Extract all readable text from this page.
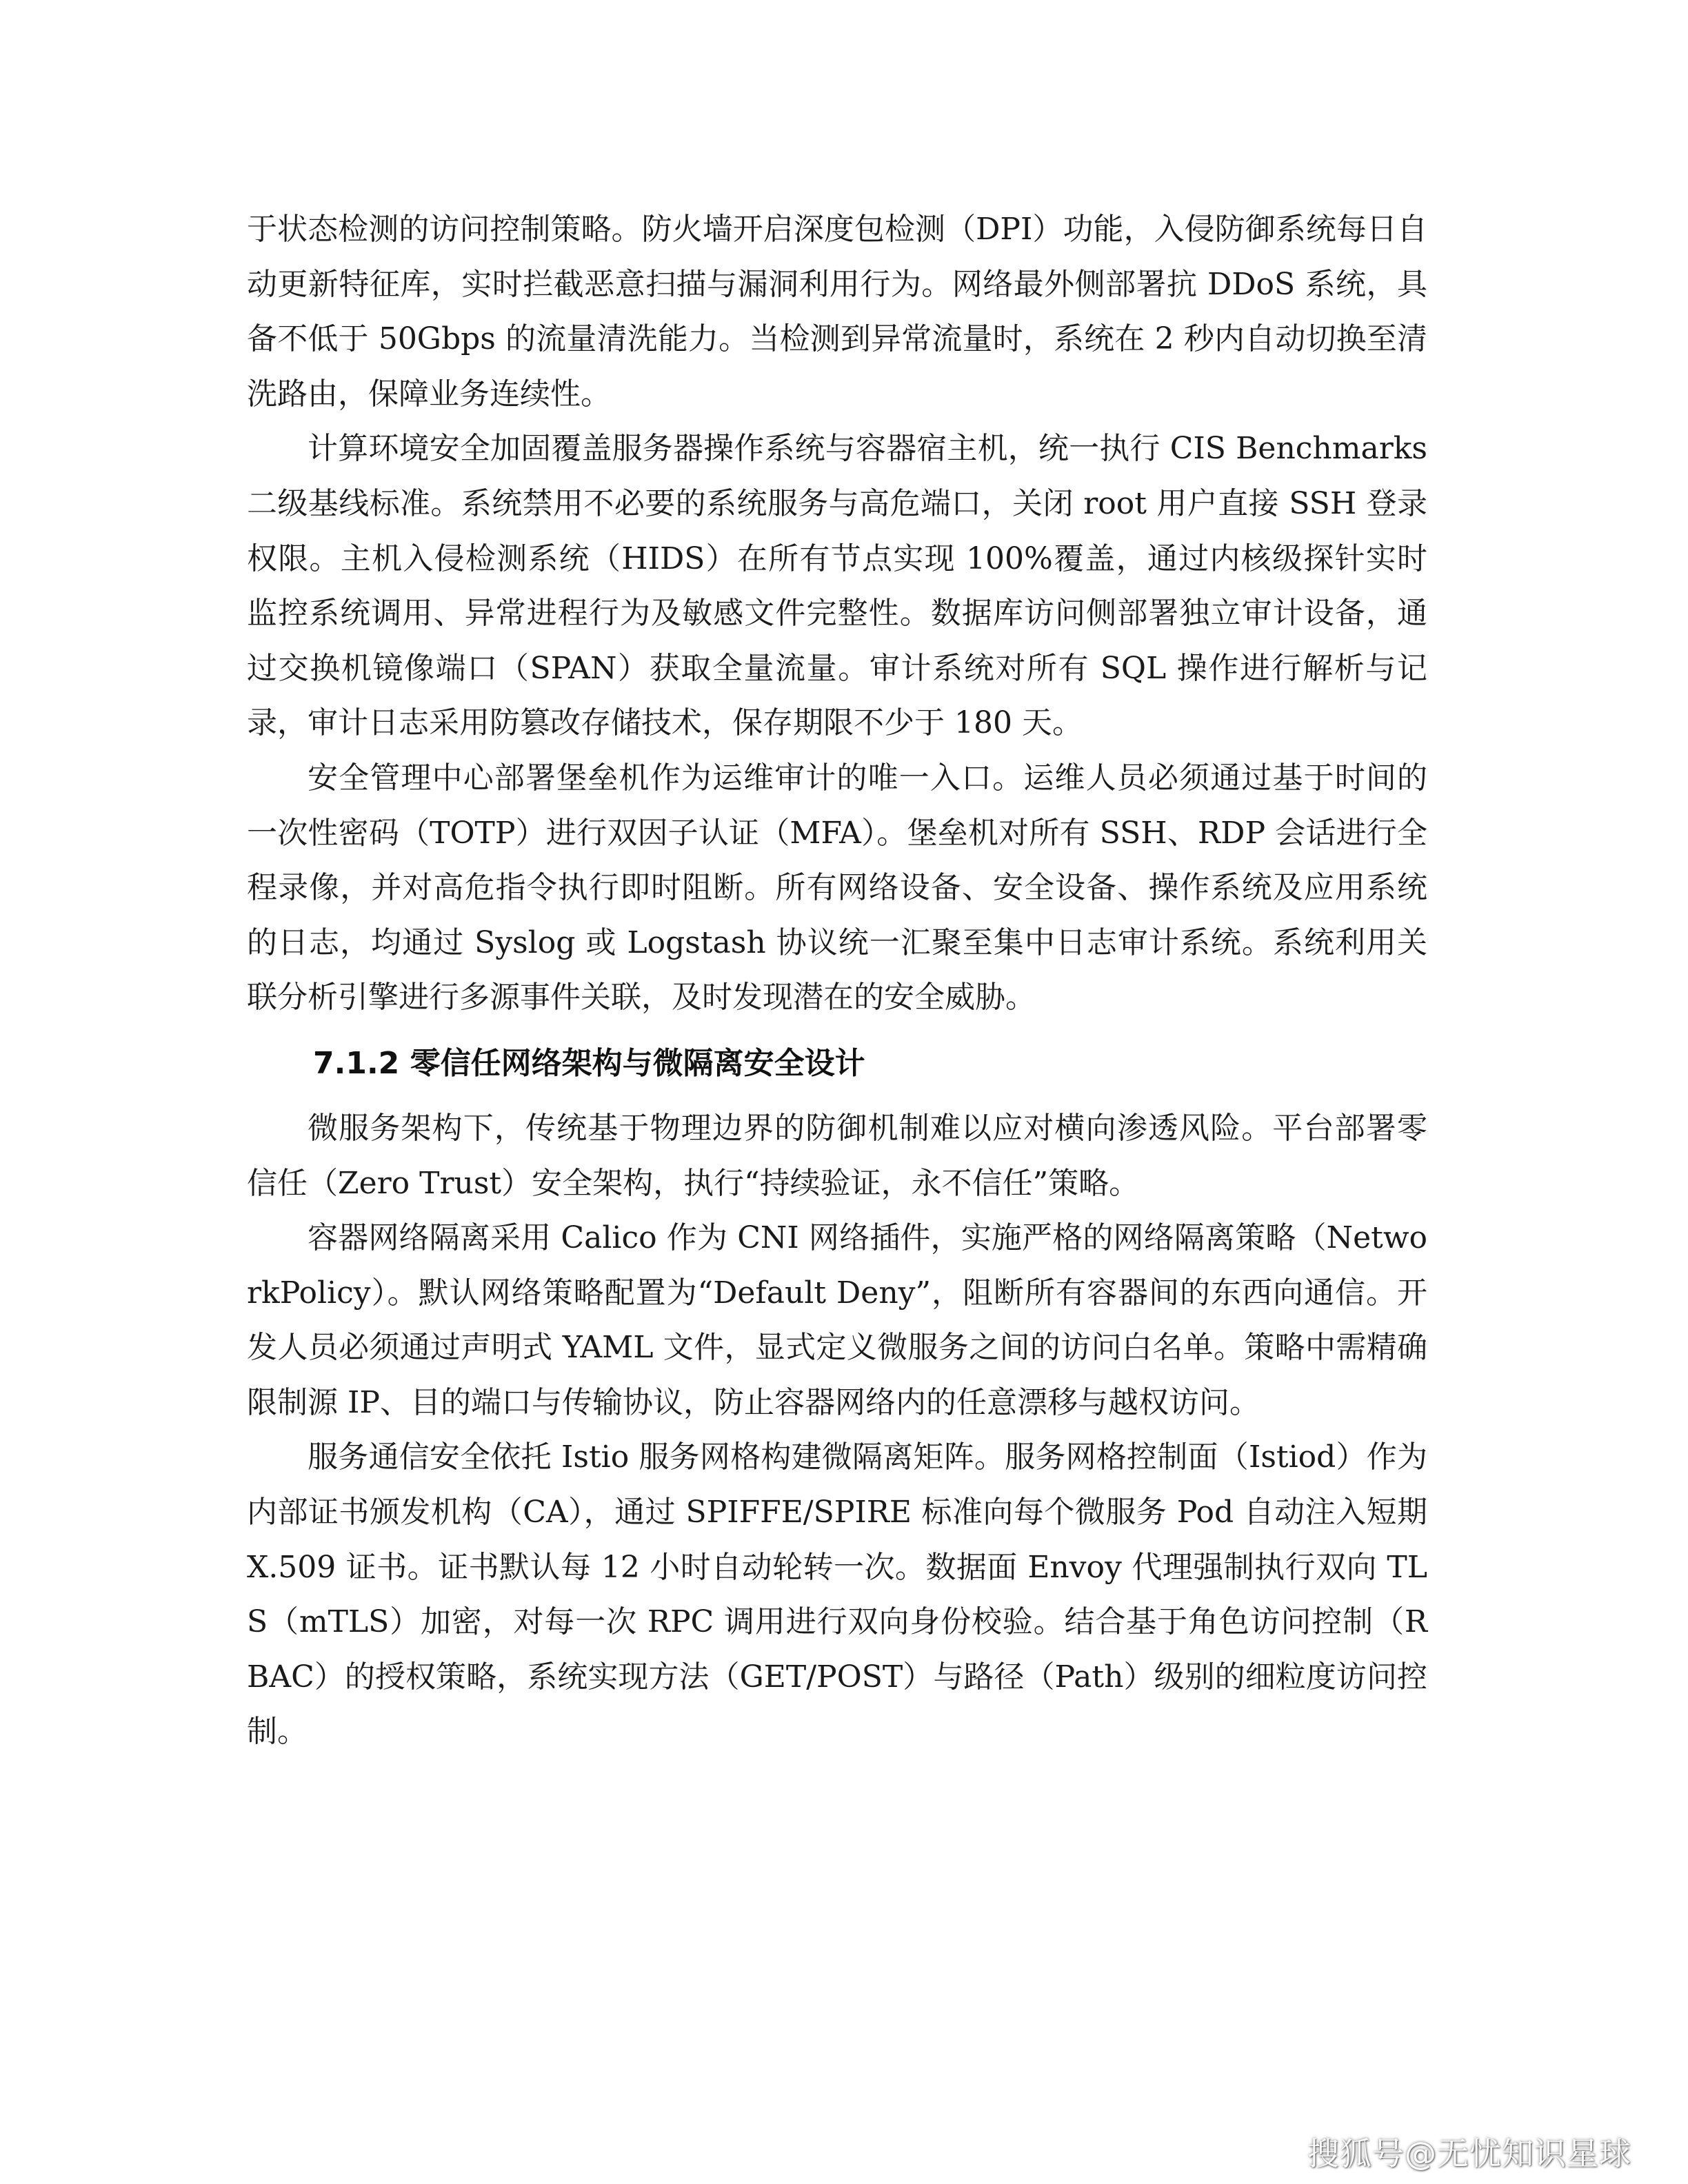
于状态检测的访问控制策略。防火墙开启深度包检测（DPI）功能，入侵防御系统每日自动更新特征库，实时拦截恶意扫描与漏洞利用行为。网络最外侧部署抗 DDoS 系统，具备不低于 50Gbps 的流量清洗能力。当检测到异常流量时，系统在 2 秒内自动切换至清洗路由，保障业务连续性。

计算环境安全加固覆盖服务器操作系统与容器宿主机，统一执行 CIS Benchmarks 二级基线标准。系统禁用不必要的系统服务与高危端口，关闭 root 用户直接 SSH 登录权限。主机入侵检测系统（HIDS）在所有节点实现 100%覆盖，通过内核级探针实时监控系统调用、异常进程行为及敏感文件完整性。数据库访问侧部署独立审计设备，通过交换机镜像端口（SPAN）获取全量流量。审计系统对所有 SQL 操作进行解析与记录，审计日志采用防篡改存储技术，保存期限不少于 180 天。

安全管理中心部署堡垒机作为运维审计的唯一入口。运维人员必须通过基于时间的一次性密码（TOTP）进行双因子认证（MFA）。堡垒机对所有 SSH、RDP 会话进行全程录像，并对高危指令执行即时阻断。所有网络设备、安全设备、操作系统及应用系统的日志，均通过 Syslog 或 Logstash 协议统一汇聚至集中日志审计系统。系统利用关联分析引擎进行多源事件关联，及时发现潜在的安全威胁。

7.1.2 零信任网络架构与微隔离安全设计

微服务架构下，传统基于物理边界的防御机制难以应对横向渗透风险。平台部署零信任（Zero Trust）安全架构，执行“持续验证，永不信任”策略。

容器网络隔离采用 Calico 作为 CNI 网络插件，实施严格的网络隔离策略（NetworkPolicy）。默认网络策略配置为“Default Deny”，阻断所有容器间的东西向通信。开发人员必须通过声明式 YAML 文件，显式定义微服务之间的访问白名单。策略中需精确限制源 IP、目的端口与传输协议，防止容器网络内的任意漂移与越权访问。

服务通信安全依托 Istio 服务网格构建微隔离矩阵。服务网格控制面（Istiod）作为内部证书颁发机构（CA），通过 SPIFFE/SPIRE 标准向每个微服务 Pod 自动注入短期 X.509 证书。证书默认每 12 小时自动轮转一次。数据面 Envoy 代理强制执行双向 TLS（mTLS）加密，对每一次 RPC 调用进行双向身份校验。结合基于角色访问控制（RBAC）的授权策略，系统实现方法（GET/POST）与路径（Path）级别的细粒度访问控制。

搜狐号@无忧知识星球
